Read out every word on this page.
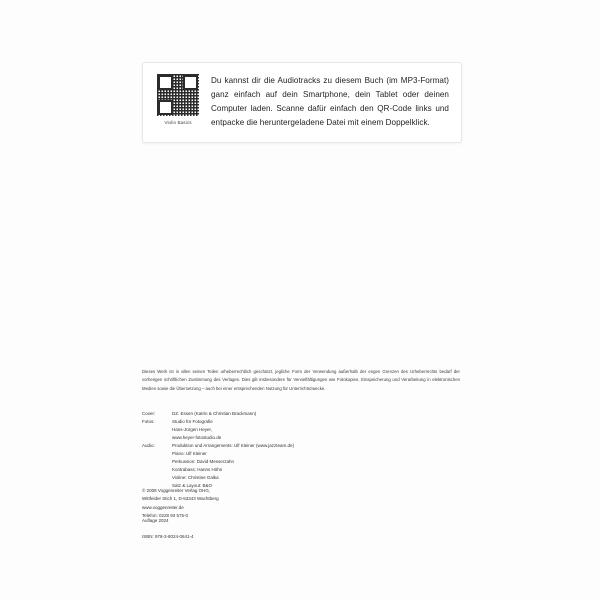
Violin Basics
Du kannst dir die Audiotracks zu diesem Buch (im MP3-Format) ganz einfach auf dein Smartphone, dein Tablet oder deinen Computer laden. Scanne dafür einfach den QR-Code links und entpacke die heruntergeladene Datei mit einem Doppelklick.
Dieses Werk ist in allen seinen Teilen urheberrechtlich geschützt, jegliche Form der Verwendung außerhalb der engen Grenzen des Urheberrechts bedarf der vorherigen schriftlichen Zustimmung des Verlages. Dies gilt insbesondere für Vervielfältigungen wie Fotokopien, Einspeicherung und Verarbeitung in elektronischen Medien sowie die Übersetzung – auch bei einer entsprechenden Nutzung für Unterrichtszwecke.
Cover:	DZ. Essen (Katrin & Christian Brackmann)
Fotos:	Studio für Fotografie
Hans-Jürgen Heyer,
www.heyer-fotostudio.de
Audio:	Produktion und Arrangements: Ulf Kleiner (www.jazzteam.de)
Piano: Ulf Kleiner
Perkussion: David Messerzahn
Kontrabass: Hanns Höhn
Violine: Christine Galka
Satz & Layout: B&O
© 2008 Voggenreiter Verlag OHG,
Wittfeider Stich 1, D-53343 Wachtberg
www.voggenreiter.de
Telefon: 0228 93 575-0
Auflage 2024
ISBN: 978-3-8024-0641-4
